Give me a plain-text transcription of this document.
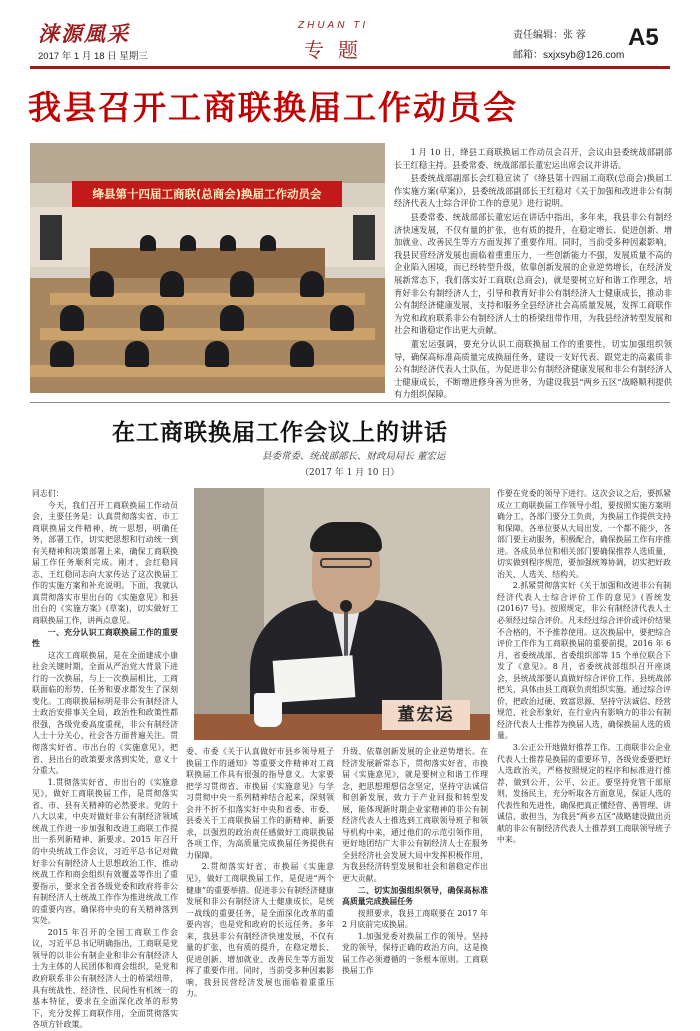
涞源風采
2017 年 1 月 18 日 星期三
ZHUAN TI
专题
责任编辑：张 蓉
邮箱：sxjxsyb@126.com
A5
我县召开工商联换届工作动员会
绛县第十四届工商联(总商会)换届工作动员会

1 月 10 日，绛县工商联换届工作动员会召开，会议由县委统战部副部长王红稳主持。县委常委、统战部部长董宏运出席会议并讲话。

县委统战部副部长会红稳宣读了《绛县第十四届工商联(总商会)换届工作实施方案(草案)》，县委统战部副部长王红稳对《关于加强和改进非公有制经济代表人士综合评价工作的意见》进行说明。

县委常委、统战部部长董宏运在讲话中指出，多年来，我县非公有制经济快速发展，不仅有量的扩张，也有质的提升，在稳定增长、促进创新、增加就业、改善民生等方方面发挥了重要作用。同时，当前受多种因素影响，我县民营经济发展也面临着重重压力，一些创新能力不强，发展质量不高的企业陷入困境，而已经转型升级，依靠创新发展的企业逆势增长，在经济发展新常态下，我们落实好工商联(总商会)，就是要树立好和谐工作理念，培育好非公有制经济人士，引导和教育好非公有制经济人士健康成长，推动非公有制经济健康发展，支持和服务全县经济社会高质量发展，发挥工商联作为党和政府联系非公有制经济人士的桥梁纽带作用，为我县经济转型发展和社会和谐稳定作出更大贡献。

董宏运强调，要充分认识工商联换届工作的重要性，切实加强组织领导，确保高标准高质量完成换届任务，建设一支好代表、跟党走的高素质非公有制经济代表人士队伍，为促进非公有制经济健康发展和非公有制经济人士健康成长，不断增进修身善为世务，为建设我县“两乡五区”战略顺利提供有力组织保障。

在工商联换届工作会议上的讲话
县委常委、统战部部长、财政局局长 董宏运
（2017 年 1 月 10 日）

同志们：

今天，我们召开工商联换届工作动员会，主要任务是：认真贯彻落实省、市工商联换届文件精神，统一思想，明确任务，部署工作，切实把思想和行动统一到有关精神和决策部署上来，确保工商联换届工作任务顺利完成。刚才，会红稳同志、王红稳同志向大家传达了这次换届工作的实施方案和补充说明。下面，我就认真贯彻落实市里出台的《实施意见》和县出台的《实施方案》(草案)，切实做好工商联换届工作，讲两点意见。

一、充分认识工商联换届工作的重要性

这次工商联换届，是在全面建成小康社会关键时期，全面从严治党大背景下进行的一次换届，与上一次换届相比，工商联面临的形势、任务和要求都发生了深刻变化。工商联换届标明是非公有制经济人士政治安排事关全局，政治性和政策性都很强，各级党委高度重视，非公有制经济人士十分关心，社会各方面普遍关注。贯彻落实好省、市出台的《实施意见》，把省、县出台的政策要求落到实处，意义十分重大。

1.贯彻落实好省、市出台的《实施意见》，做好工商联换届工作，是贯彻落实省、市、县有关精神的必然要求。党的十八大以来，中央对做好非公有制经济领域统战工作进一步加强和改进工商联工作提出一系列新精神、新要求。2015 年召开的中央统战工作会议，习近平总书记对做好非公有制经济人士思想政治工作、推动统战工作和商会组织有效覆盖等作出了重要指示，要求全省各级党委和政府将非公有制经济人士统战工作作为推进统战工作的重要内容，确保将中央的有关精神落到实处。

2015 年召开的全国工商联工作会议，习近平总书记明确指出，工商联是党领导的以非公有制企业和非公有制经济人士为主体的人民团体和商会组织，是党和政府联系非公有制经济人士的桥梁纽带，具有统战性、经济性、民间性有机统一的基本特征，要求在全面深化改革的形势下，充分发挥工商联作用，全面贯彻落实各项方针政策。

董宏运

委、市委《关于认真做好市县乡领导班子换届工作的通知》等重要文件精神对工商联换届工作具有很强的指导意义。大家要把学习贯彻省、市换届《实施意见》与学习贯彻中央一系列精神结合起来，深刻领会并不折不扣落实好中央和省委、市委、县委关于工商联换届工作的新精神、新要求，以强烈的政治责任感做好工商联换届各项工作，为高质量完成换届任务提供有力保障。

2.贯彻落实好省、市换届《实施意见》，做好工商联换届工作，是促进“两个健康”的重要举措。促进非公有制经济健康发展和非公有制经济人士健康成长，是统一战线的重要任务，是全面深化改革的重要内容，也是党和政府的长远任务。多年来，我县非公有制经济快速发展，不仅有量的扩张，也有质的提升，在稳定增长、促进创新、增加就业、改善民生等方面发挥了重要作用。同时，当前受多种因素影响，我县民营经济发展也面临着重重压力。

升级、依靠创新发展的企业逆势增长。在经济发展新常态下，贯彻落实好省、市换届《实施意见》，就是要树立和谐工作理念，把思想理想信念坚定，坚持守法诚信和创新发展，致力于产业回报和转型发展，能体现新时期企业家精神的非公有制经济代表人士推选到工商联领导班子和领导机构中来，通过他们的示范引领作用，更好地团结广大非公有制经济人士在服务全县经济社会发展大局中发挥积极作用，为我县经济转型发展和社会和谐稳定作出更大贡献。

二、切实加强组织领导，确保高标准高质量完成换届任务

按照要求，我县工商联要在 2017 年 2 月底前完成换届。

1.加强党委对换届工作的领导。坚持党的领导，保持正确的政治方向，这是换届工作必须遵循的一条根本原则。工商联换届工作

作要在党委的领导下进行。这次会议之后，要抓紧成立工商联换届工作领导小组，要按照实施方案明确分工，各部门要分工负责，为换届工作提供支持和保障。各单位要从大局出发，一个都不能少，各部门要主动服务，积极配合，确保换届工作有序推进。各成员单位和相关部门要确保推荐人选质量，切实做到程序规范，要加强统筹协调，切实把好政治关、人选关、结构关。

2.抓紧贯彻落实好《关于加强和改进非公有制经济代表人士综合评价工作的意见》(晋统发 (2016)7 号)。按照规定，非公有制经济代表人士必须经过综合评价。凡未经过综合评价或评价结果不合格的，不予推荐使用。这次换届中，要把综合评价工作作为工商联换届的重要前提，2016 年 6 月，省委统战部、省委组织部等 15 个单位联合下发了《意见》。8 月，省委统战部组织召开座谈会，县统战部要认真做好综合评价工作。县统战部把关，具体由县工商联负责组织实施。通过综合评价，把政治过硬、致富思源、坚持守法诚信、经营规范、社会形象好，在行业内有影响力的非公有制经济代表人士推荐为换届人选，确保换届人选的质量。

3.公正公开地做好推荐工作。工商联非公企业代表人士推荐是换届的重要环节，各级党委要把好人选政治关，严格按照规定的程序和标准进行推荐，做到公开、公平、公正。要坚持党管干部原则，发扬民主，充分听取各方面意见，保证人选的代表性和先进性，确保把真正懂经营、善管理、讲诚信、敢担当，为我县“两乡五区”战略建设做出贡献的非公有制经济代表人士推荐到工商联领导班子中来。
